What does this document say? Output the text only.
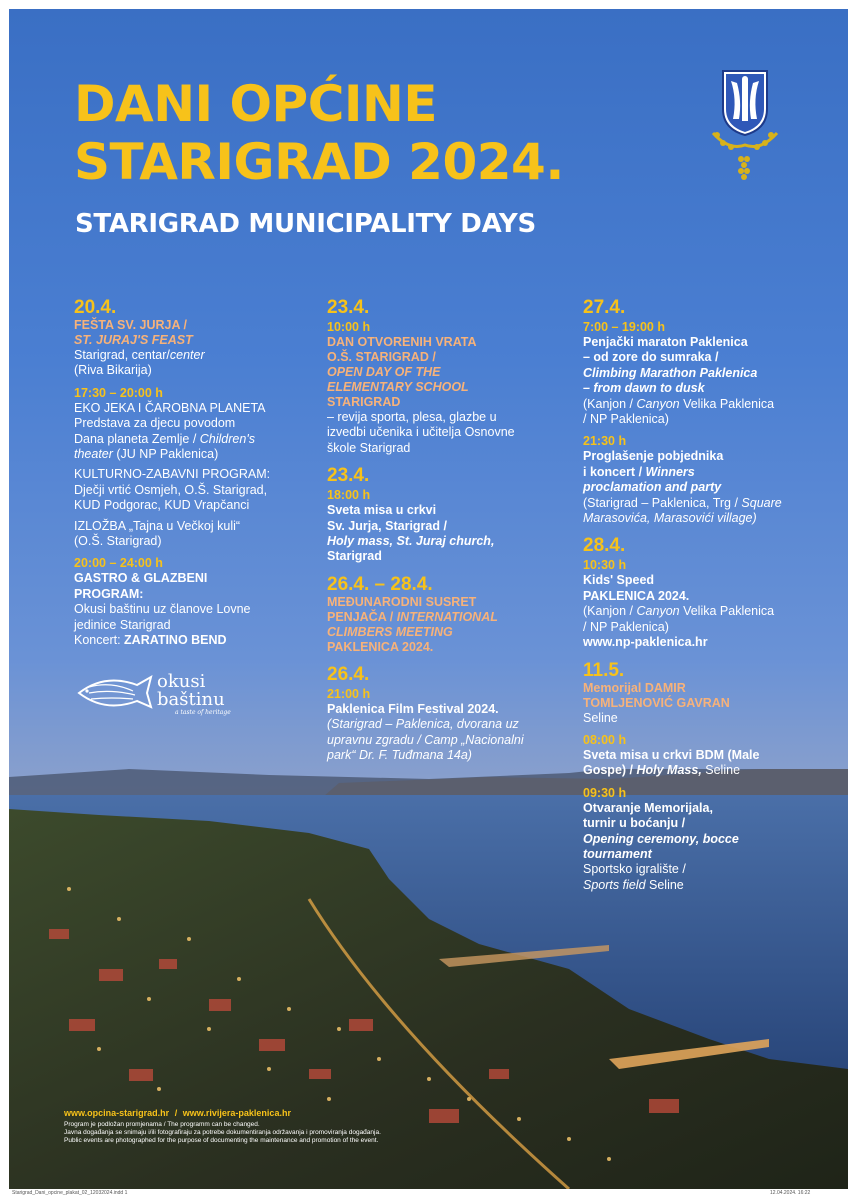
DANI OPĆINE
STARIGRAD 2024.
STARIGRAD MUNICIPALITY DAYS
20.4.
FEŠTA SV. JURJA /
ST. JURAJ'S FEAST
Starigrad, centar/center
(Riva Bikarija)
17:30 – 20:00 h
EKO JEKA I ČAROBNA PLANETA
Predstava za djecu povodom
Dana planeta Zemlje / Children's
theater (JU NP Paklenica)
KULTURNO-ZABAVNI PROGRAM:
Dječji vrtić Osmjeh, O.Š. Starigrad,
KUD Podgorac, KUD Vrapčanci
IZLOŽBA „Tajna u Večkoj kuli“
(O.Š. Starigrad)
20:00 – 24:00 h
GASTRO & GLAZBENI
PROGRAM:
Okusi baštinu uz članove Lovne
jedinice Starigrad
Koncert: ZARATINO BEND
23.4.
10:00 h
DAN OTVORENIH VRATA
O.Š. STARIGRAD /
OPEN DAY OF THE
ELEMENTARY SCHOOL
STARIGRAD
– revija sporta, plesa, glazbe u
izvedbi učenika i učitelja Osnovne
škole Starigrad
23.4.
18:00 h
Sveta misa u crkvi
Sv. Jurja, Starigrad /
Holy mass, St. Juraj church,
Starigrad
26.4. – 28.4.
MEĐUNARODNI SUSRET
PENJAČA / INTERNATIONAL
CLIMBERS MEETING
PAKLENICA 2024.
26.4.
21:00 h
Paklenica Film Festival 2024.
(Starigrad – Paklenica, dvorana uz
upravnu zgradu / Camp „Nacionalni
park“ Dr. F. Tuđmana 14a)
27.4.
7:00 – 19:00 h
Penjački maraton Paklenica
– od zore do sumraka /
Climbing Marathon Paklenica
– from dawn to dusk
(Kanjon / Canyon Velika Paklenica
/ NP Paklenica)
21:30 h
Proglašenje pobjednika
i koncert / Winners
proclamation and party
(Starigrad – Paklenica, Trg / Square
Marasovića, Marasovići village)
28.4.
10:30 h
Kids' Speed
PAKLENICA 2024.
(Kanjon / Canyon Velika Paklenica
/ NP Paklenica)
www.np-paklenica.hr
11.5.
Memorijal DAMIR
TOMLJENOVIĆ GAVRAN
Seline
08:00 h
Sveta misa u crkvi BDM (Male
Gospe) / Holy Mass, Seline
09:30 h
Otvaranje Memorijala,
turnir u boćanju /
Opening ceremony, bocce
tournament
Sportsko igralište /
Sports field Seline
okusi
baštinu
a taste of heritage
www.opcina-starigrad.hr / www.rivijera-paklenica.hr
Program je podložan promjenama / The programm can be changed.
Javna događanja se snimaju i/ili fotografiraju za potrebe dokumentiranja održavanja i promoviranja događanja.
Public events are photographed for the purpose of documenting the maintenance and promotion of the event.
Starigrad_Dani_opcine_plakat_02_12032024.indd 1	12.04.2024. 16:22
